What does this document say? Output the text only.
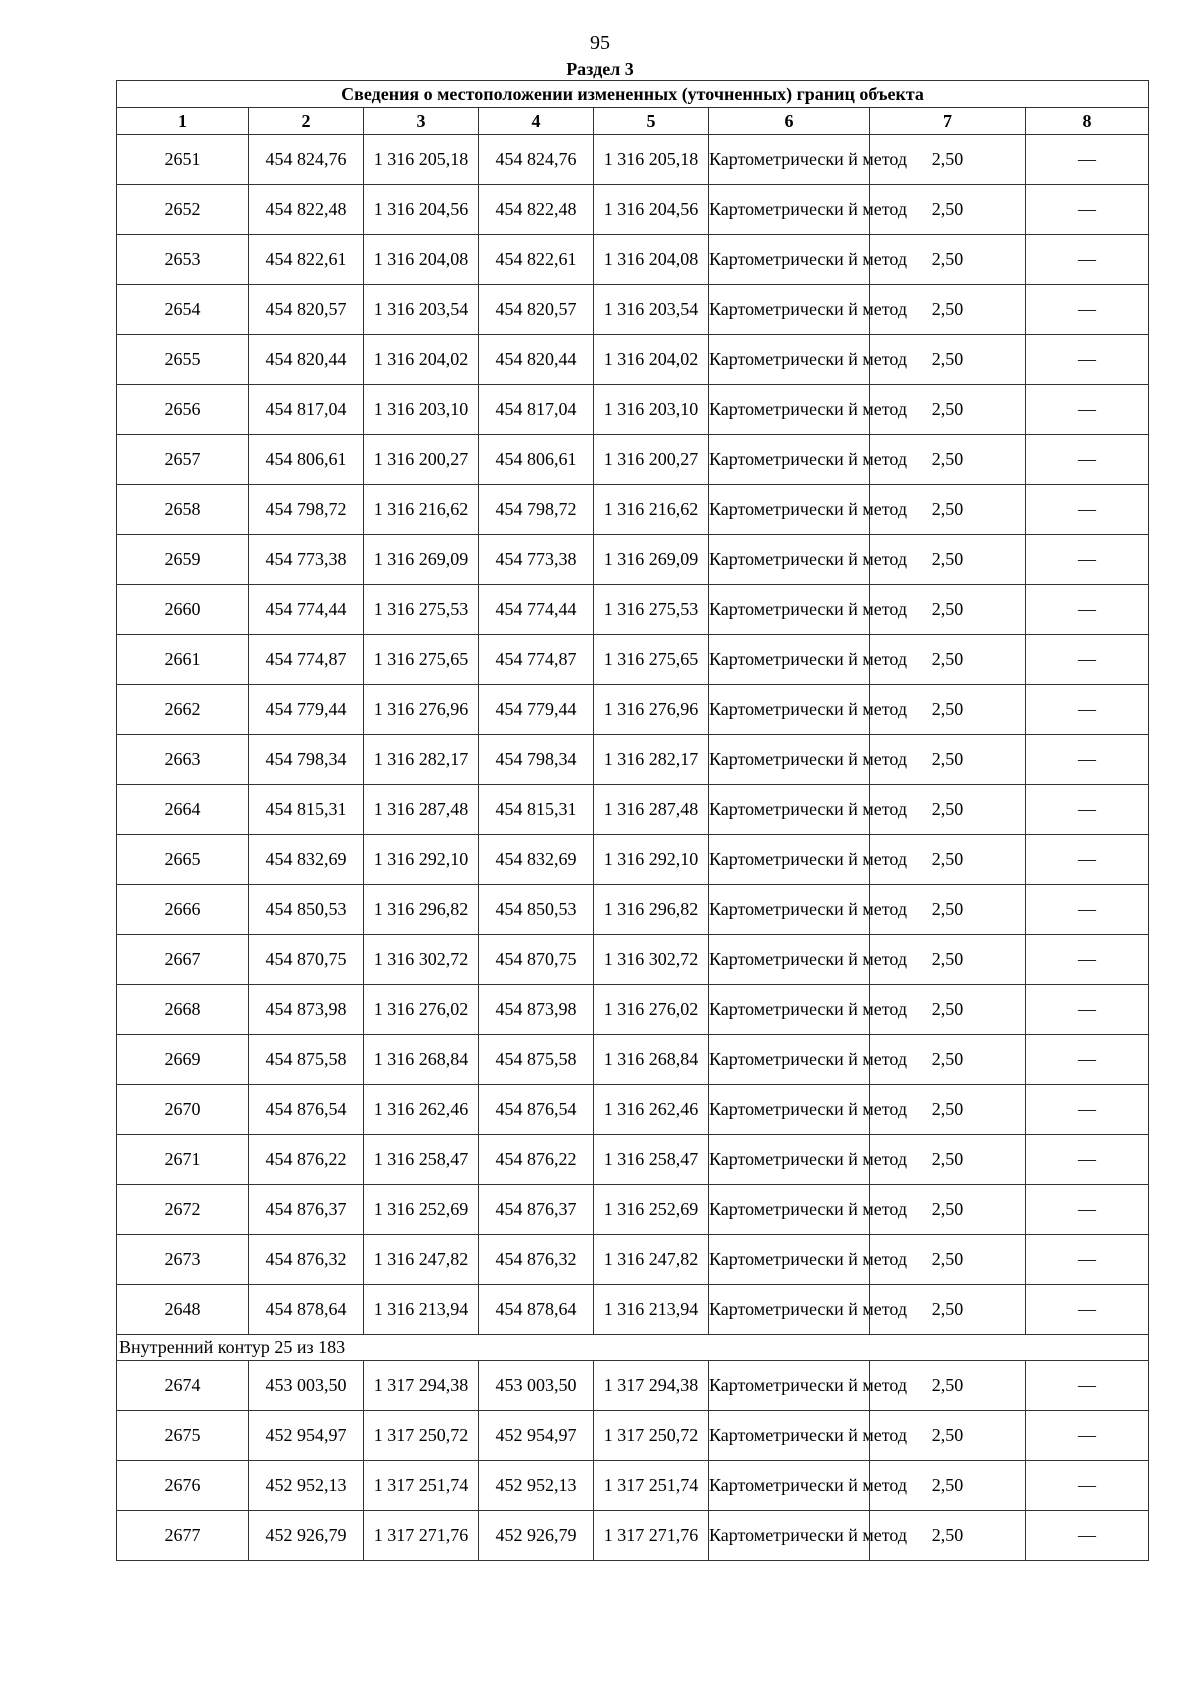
95
Раздел 3
Сведения о местоположении измененных (уточненных) границ объекта							
1	2	3	4	5	6	7	8
2651	454 824,76	1 316 205,18	454 824,76	1 316 205,18	Картометрически й метод	2,50	—
2652	454 822,48	1 316 204,56	454 822,48	1 316 204,56	Картометрически й метод	2,50	—
2653	454 822,61	1 316 204,08	454 822,61	1 316 204,08	Картометрически й метод	2,50	—
2654	454 820,57	1 316 203,54	454 820,57	1 316 203,54	Картометрически й метод	2,50	—
2655	454 820,44	1 316 204,02	454 820,44	1 316 204,02	Картометрически й метод	2,50	—
2656	454 817,04	1 316 203,10	454 817,04	1 316 203,10	Картометрически й метод	2,50	—
2657	454 806,61	1 316 200,27	454 806,61	1 316 200,27	Картометрически й метод	2,50	—
2658	454 798,72	1 316 216,62	454 798,72	1 316 216,62	Картометрически й метод	2,50	—
2659	454 773,38	1 316 269,09	454 773,38	1 316 269,09	Картометрически й метод	2,50	—
2660	454 774,44	1 316 275,53	454 774,44	1 316 275,53	Картометрически й метод	2,50	—
2661	454 774,87	1 316 275,65	454 774,87	1 316 275,65	Картометрически й метод	2,50	—
2662	454 779,44	1 316 276,96	454 779,44	1 316 276,96	Картометрически й метод	2,50	—
2663	454 798,34	1 316 282,17	454 798,34	1 316 282,17	Картометрически й метод	2,50	—
2664	454 815,31	1 316 287,48	454 815,31	1 316 287,48	Картометрически й метод	2,50	—
2665	454 832,69	1 316 292,10	454 832,69	1 316 292,10	Картометрически й метод	2,50	—
2666	454 850,53	1 316 296,82	454 850,53	1 316 296,82	Картометрически й метод	2,50	—
2667	454 870,75	1 316 302,72	454 870,75	1 316 302,72	Картометрически й метод	2,50	—
2668	454 873,98	1 316 276,02	454 873,98	1 316 276,02	Картометрически й метод	2,50	—
2669	454 875,58	1 316 268,84	454 875,58	1 316 268,84	Картометрически й метод	2,50	—
2670	454 876,54	1 316 262,46	454 876,54	1 316 262,46	Картометрически й метод	2,50	—
2671	454 876,22	1 316 258,47	454 876,22	1 316 258,47	Картометрически й метод	2,50	—
2672	454 876,37	1 316 252,69	454 876,37	1 316 252,69	Картометрически й метод	2,50	—
2673	454 876,32	1 316 247,82	454 876,32	1 316 247,82	Картометрически й метод	2,50	—
2648	454 878,64	1 316 213,94	454 878,64	1 316 213,94	Картометрически й метод	2,50	—
Внутренний контур 25 из 183							
2674	453 003,50	1 317 294,38	453 003,50	1 317 294,38	Картометрически й метод	2,50	—
2675	452 954,97	1 317 250,72	452 954,97	1 317 250,72	Картометрически й метод	2,50	—
2676	452 952,13	1 317 251,74	452 952,13	1 317 251,74	Картометрически й метод	2,50	—
2677	452 926,79	1 317 271,76	452 926,79	1 317 271,76	Картометрически й метод	2,50	—
